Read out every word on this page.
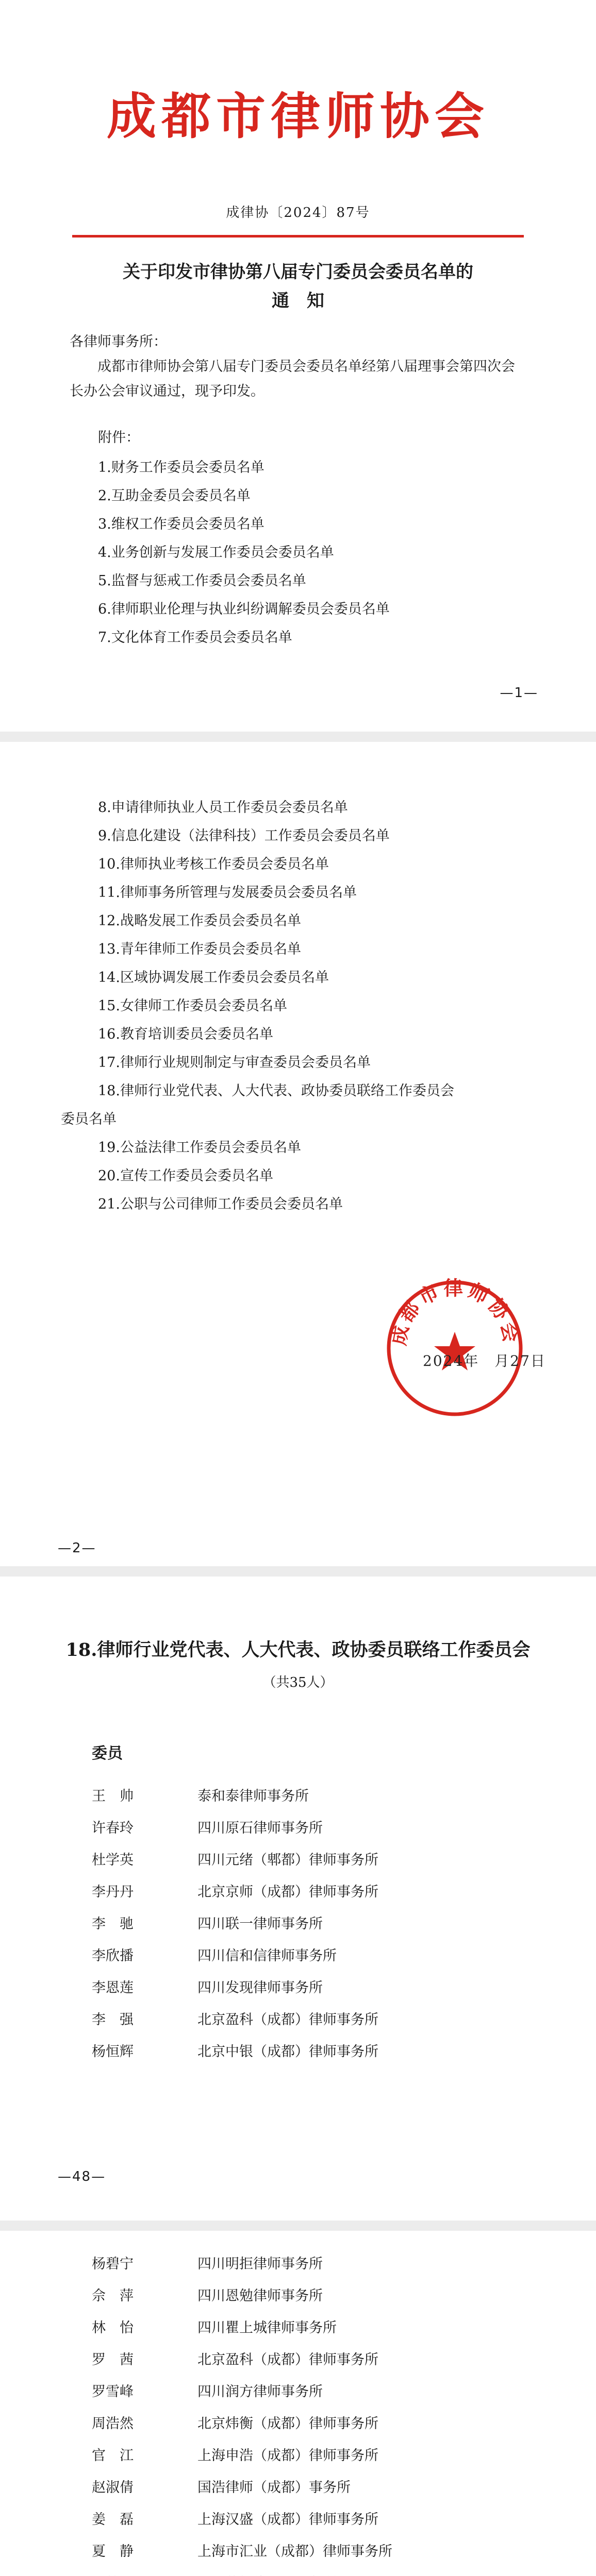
成都市律师协会
成律协〔2024〕87号
关于印发市律协第八届专门委员会委员名单的
通　知
各律师事务所：
成都市律师协会第八届专门委员会委员名单经第八届理事会第四次会长办公会审议通过，现予印发。
附件：
1.财务工作委员会委员名单
2.互助金委员会委员名单
3.维权工作委员会委员名单
4.业务创新与发展工作委员会委员名单
5.监督与惩戒工作委员会委员名单
6.律师职业伦理与执业纠纷调解委员会委员名单
7.文化体育工作委员会委员名单
—1—
8.申请律师执业人员工作委员会委员名单
9.信息化建设（法律科技）工作委员会委员名单
10.律师执业考核工作委员会委员名单
11.律师事务所管理与发展委员会委员名单
12.战略发展工作委员会委员名单
13.青年律师工作委员会委员名单
14.区域协调发展工作委员会委员名单
15.女律师工作委员会委员名单
16.教育培训委员会委员名单
17.律师行业规则制定与审查委员会委员名单
18.律师行业党代表、人大代表、政协委员联络工作委员会
委员名单
19.公益法律工作委员会委员名单
20.宣传工作委员会委员名单
21.公职与公司律师工作委员会委员名单
成都市律师协会
2024年　月27日
—2—
18.律师行业党代表、人大代表、政协委员联络工作委员会
（共35人）
委员
王　帅	泰和泰律师事务所
许春玲	四川原石律师事务所
杜学英	四川元绪（郫都）律师事务所
李丹丹	北京京师（成都）律师事务所
李　驰	四川联一律师事务所
李欣播	四川信和信律师事务所
李恩莲	四川发现律师事务所
李　强	北京盈科（成都）律师事务所
杨恒辉	北京中银（成都）律师事务所
—48—
杨碧宁	四川明拒律师事务所
佘　萍	四川恩勉律师事务所
林　怡	四川瞿上城律师事务所
罗　茜	北京盈科（成都）律师事务所
罗雪峰	四川润方律师事务所
周浩然	北京炜衡（成都）律师事务所
官　江	上海申浩（成都）律师事务所
赵淑倩	国浩律师（成都）事务所
姜　磊	上海汉盛（成都）律师事务所
夏　静	上海市汇业（成都）律师事务所
